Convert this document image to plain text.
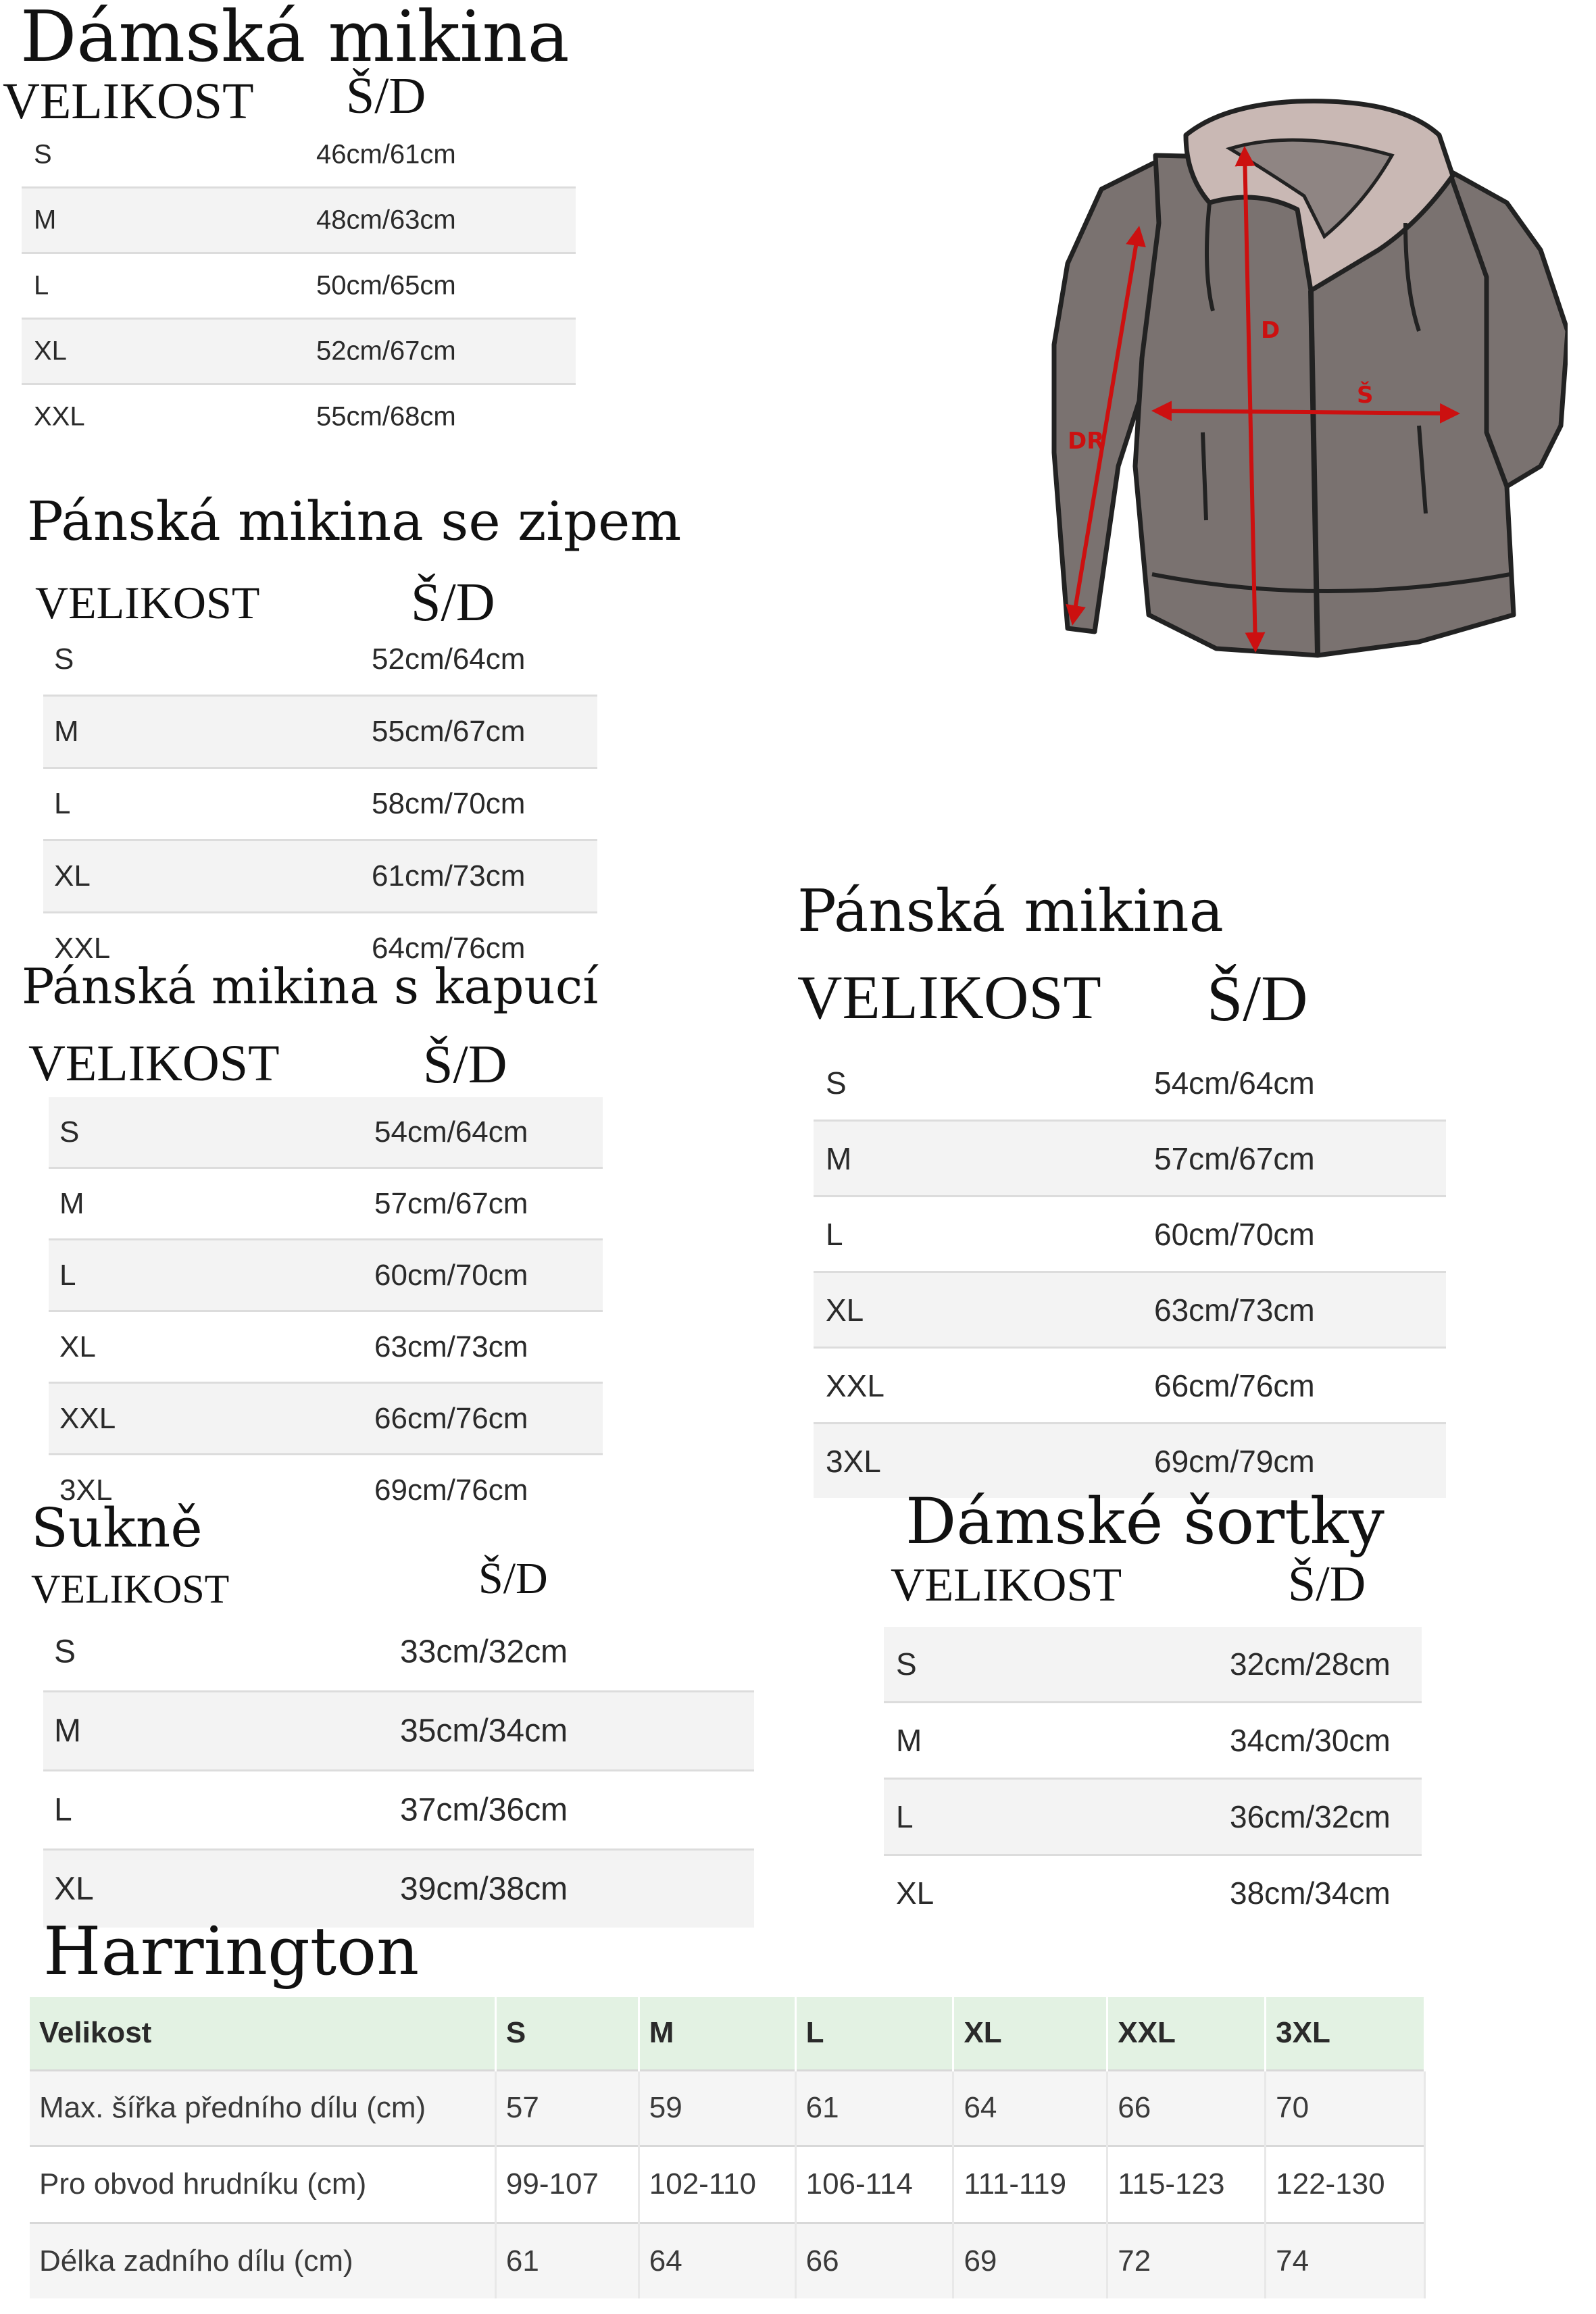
Dámská mikina
VELIKOST Š/D
S	46cm/61cm
M	48cm/63cm
L	50cm/65cm
XL	52cm/67cm
XXL	55cm/68cm
Pánská mikina se zipem
VELIKOST	Š/D
S	52cm/64cm
M	55cm/67cm
L	58cm/70cm
XL	61cm/73cm
XXL	64cm/76cm
Pánská mikina s kapucí
VELIKOST	Š/D
S	54cm/64cm
M	57cm/67cm
L	60cm/70cm
XL	63cm/73cm
XXL	66cm/76cm
3XL	69cm/76cm
Pánská mikina
VELIKOST Š/D
S	54cm/64cm
M	57cm/67cm
L	60cm/70cm
XL	63cm/73cm
XXL	66cm/76cm
3XL	69cm/79cm
Sukně
VELIKOST	Š/D
S	33cm/32cm
M	35cm/34cm
L	37cm/36cm
XL	39cm/38cm
Dámské šortky
VELIKOST	Š/D
S	32cm/28cm
M	34cm/30cm
L	36cm/32cm
XL	38cm/34cm
Harrington
Velikost	S	M	L	XL	XXL	3XL
Max. šířka předního dílu (cm)	57	59	61	64	66	70
Pro obvod hrudníku (cm)	99-107	102-110	106-114	111-119	115-123	122-130
Délka zadního dílu (cm)	61	64	66	69	72	74
D
Š
DR
